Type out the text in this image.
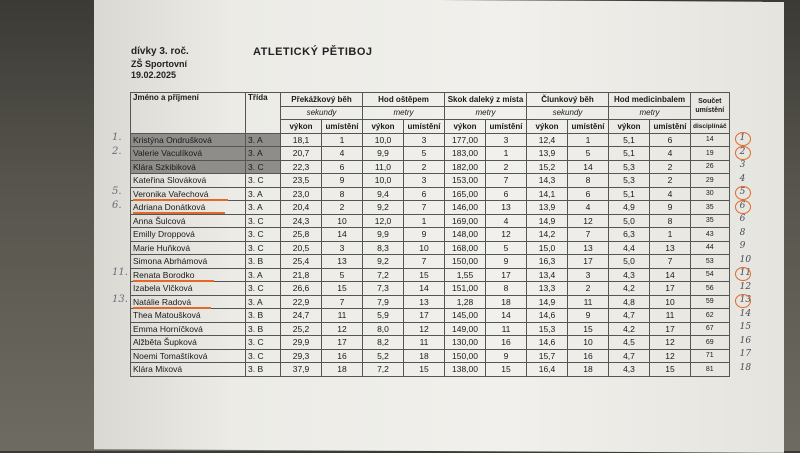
dívky 3. roč.
ZŠ Sportovní
19.02.2025
ATLETICKÝ PĚTIBOJ
Jméno a příjmení	Třída	Překážkový běh		Hod oštěpem		Skok daleký z místa		Člunkový běh		Hod medicinbalem		Součet umístění
		sekundy		metry		metry		sekundy		metry		
		výkon	umístění	výkon	umístění	výkon	umístění	výkon	umístění	výkon	umístění	disciplínáč
Kristýna Ondrušková	3. A	18,1	1	10,0	3	177,00	3	12,4	1	5,1	6	14
Valerie Vaculíková	3. A	20,7	4	9,9	5	183,00	1	13,9	5	5,1	4	19
Klára Szkibiková	3. C	22,3	6	11,0	2	182,00	2	15,2	14	5,3	2	26
Kateřina Slováková	3. C	23,5	9	10,0	3	153,00	7	14,3	8	5,3	2	29
Veronika Vařechová	3. A	23,0	8	9,4	6	165,00	6	14,1	6	5,1	4	30
Adriana Donátková	3. A	20,4	2	9,2	7	146,00	13	13,9	4	4,9	9	35
Anna Šulcová	3. C	24,3	10	12,0	1	169,00	4	14,9	12	5,0	8	35
Emilly Droppová	3. C	25,8	14	9,9	9	148,00	12	14,2	7	6,3	1	43
Marie Huňková	3. C	20,5	3	8,3	10	168,00	5	15,0	13	4,4	13	44
Simona Abrhámová	3. B	25,4	13	9,2	7	150,00	9	16,3	17	5,0	7	53
Renata Borodko	3. A	21,8	5	7,2	15	1,55	17	13,4	3	4,3	14	54
Izabela Vlčková	3. C	26,6	15	7,3	14	151,00	8	13,3	2	4,2	17	56
Natálie Radová	3. A	22,9	7	7,9	13	1,28	18	14,9	11	4,8	10	59
Thea Matoušková	3. B	24,7	11	5,9	17	145,00	14	14,6	9	4,7	11	62
Emma Horníčková	3. B	25,2	12	8,0	12	149,00	11	15,3	15	4,2	17	67
Alžběta Šupková	3. C	29,9	17	8,2	11	130,00	16	14,6	10	4,5	12	69
Noemi Tomaštíková	3. C	29,3	16	5,2	18	150,00	9	15,7	16	4,7	12	71
Klára Mixová	3. B	37,9	18	7,2	15	138,00	15	16,4	18	4,3	15	81
1.
2.
5.
6.
11.
13.
1
2
3
4
5
6
6
8
9
10
11
12
13
14
15
16
17
18
